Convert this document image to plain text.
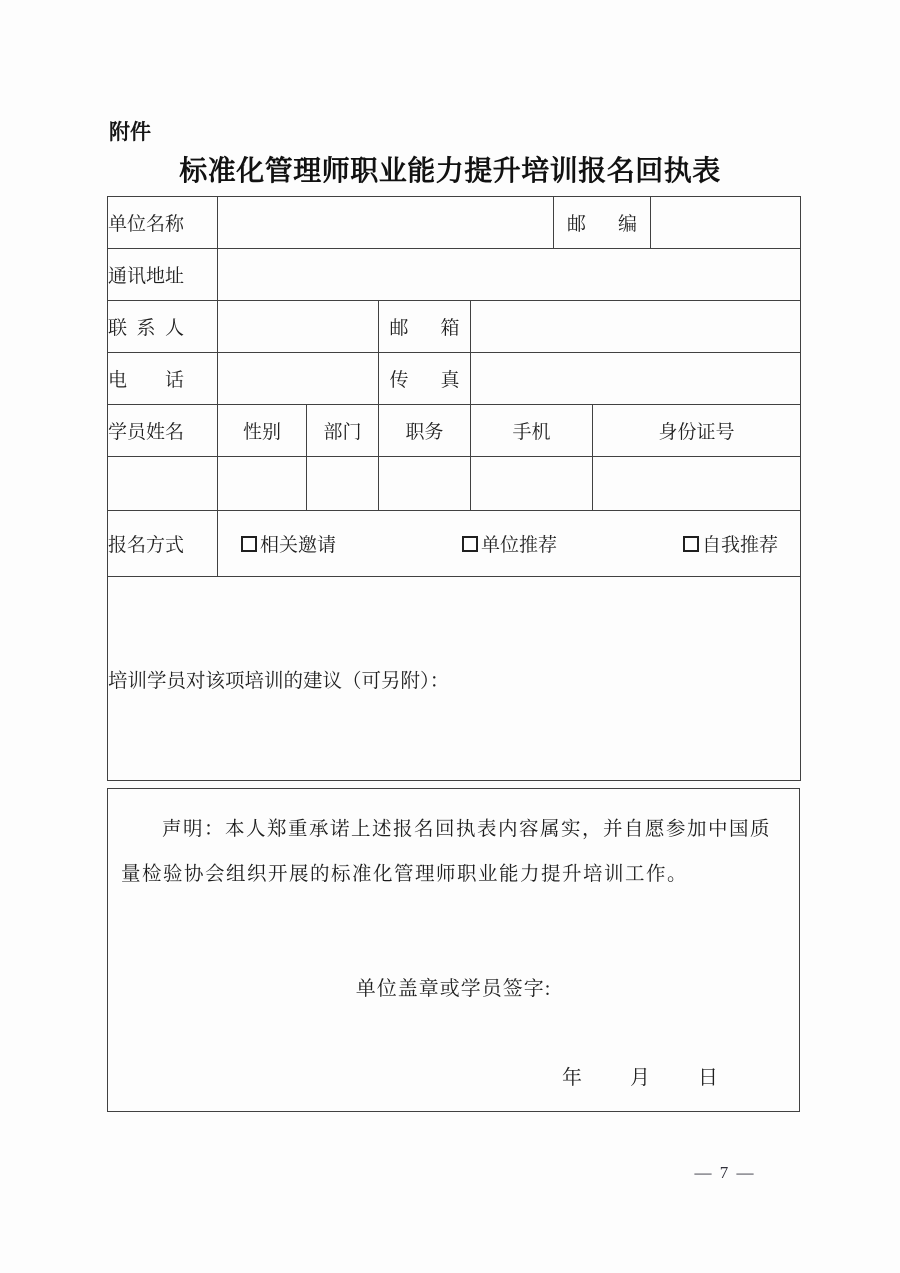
附件
标准化管理师职业能力提升培训报名回执表
单位名称					邮编		
通讯地址							
联系人			邮箱				
电话			传真				
学员姓名	性别	部门	职务	手机		身份证号	

报名方式	相关邀请 单位推荐 自我推荐						

培训学员对该项培训的建议（可另附）：							

声明：本人郑重承诺上述报名回执表内容属实，并自愿参加中国质量检验协会组织开展的标准化管理师职业能力提升培训工作。

单位盖章或学员签字:
年 月 日
— 7 —
